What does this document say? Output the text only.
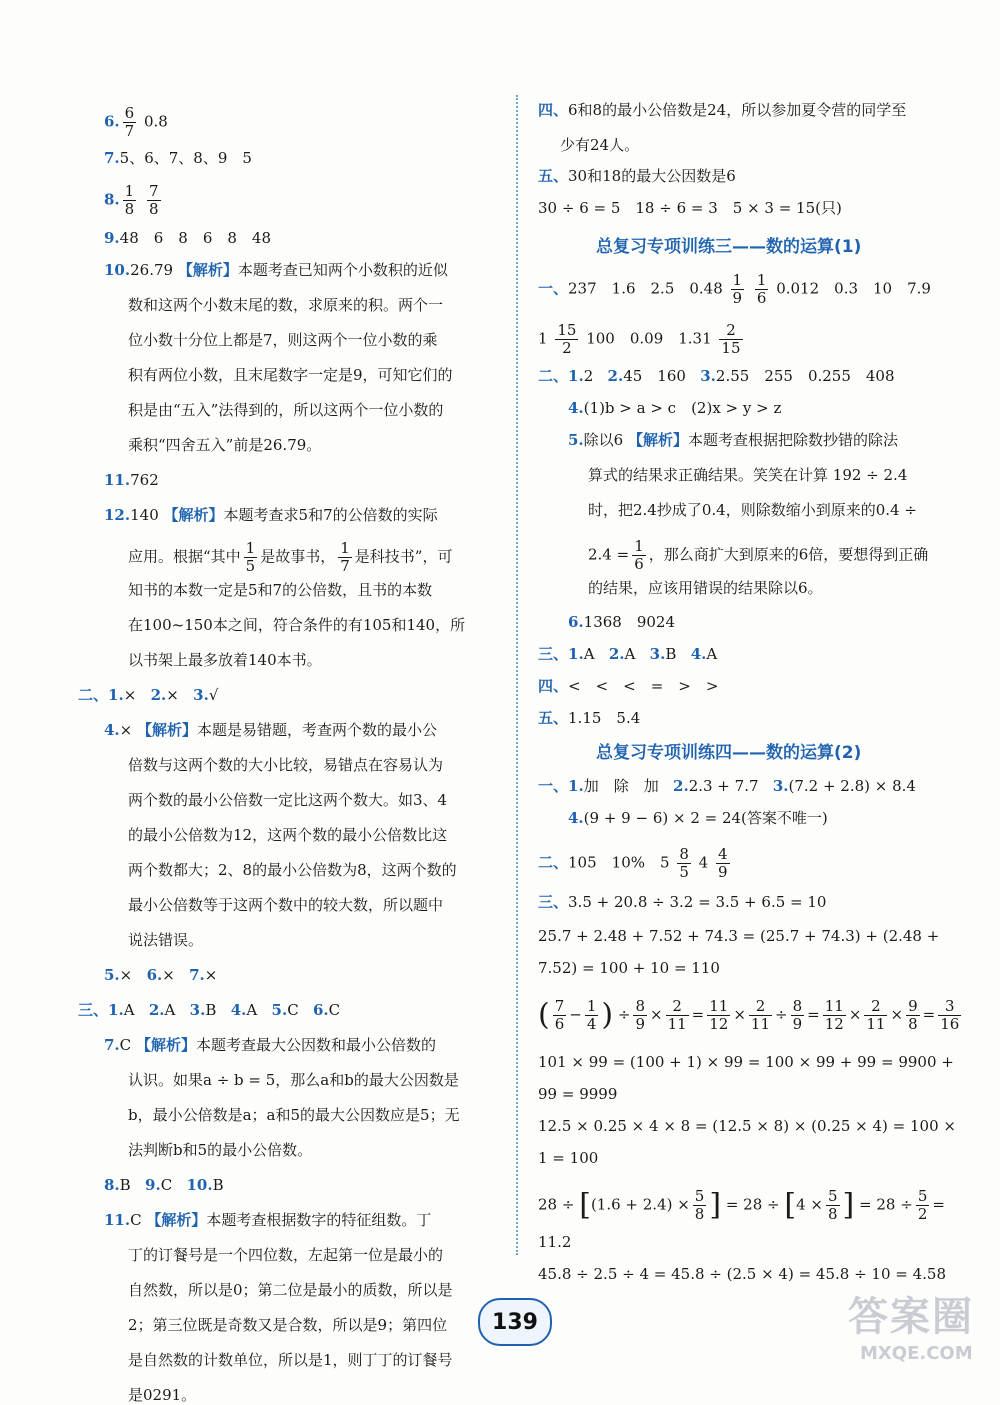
6. $\frac{6}{7} 0.8$
7.5、6、7、8、9　5
8. $\frac{1}{8}$
$\frac{7}{8}$
9.48　6　8　6　8　48
10.26.79 【解析】本题考查已知两个小数积的近似
数和这两个小数末尾的数，求原来的积。两个一
位小数十分位上都是7，则这两个一位小数的乘
积有两位小数，且末尾数字一定是9，可知它们的
积是由“五入”法得到的，所以这两个一位小数的
乘积“四舍五入”前是26.79。
11.762
12.140 【解析】本题考查求5和7的公倍数的实际
应用。根据“其中 $\frac{1}{5}$ 是故事书， $\frac{1}{7}$ 是科技书”，可
知书的本数一定是5和7的公倍数，且书的本数
在100~150本之间，符合条件的有105和140，所
以书架上最多放着140本书。
二、1.× 2.× 3.√
4.× 【解析】本题是易错题，考查两个数的最小公
倍数与这两个数的大小比较，易错点在容易认为
两个数的最小公倍数一定比这两个数大。如3、4
的最小公倍数为12，这两个数的最小公倍数比这
两个数都大；2、8的最小公倍数为8，这两个数的
最小公倍数等于这两个数中的较大数，所以题中
说法错误。
5.× 6.× 7.×
三、1.A 2.A 3.B 4.A 5.C 6.C
7.C 【解析】本题考查最大公因数和最小公倍数的
认识。如果a ÷ b = 5，那么a和b的最大公因数是
b，最小公倍数是a；a和5的最大公因数应是5；无
法判断b和5的最小公倍数。
8.B 9.C 10.B
11.C 【解析】本题考查根据数字的特征组数。丁
丁的订餐号是一个四位数，左起第一位是最小的
自然数，所以是0；第二位是最小的质数，所以是
2；第三位既是奇数又是合数，所以是9；第四位
是自然数的计数单位，所以是1，则丁丁的订餐号
是0291。
四、6和8的最小公倍数是24，所以参加夏令营的同学至
少有24人。
五、30和18的最大公因数是6
30 ÷ 6 = 5　18 ÷ 6 = 3　5 × 3 = 15(只)
总复习专项训练三——数的运算(1)
一、237　1.6　2.5　$0.48 \frac{1}{9}$
$\frac{1}{6} 0.012$　0.3　10　7.9
$1 \frac{15}{2} 100$　0.09　$1.31 \frac{2}{15}$
二、1.2 2.45　160 3.2.55　255　0.255　408
4.(1)b > a > c　(2)x > y > z
5.除以6 【解析】本题考查根据把除数抄错的除法
算式的结果求正确结果。笑笑在计算 192 ÷ 2.4
时，把2.4抄成了0.4，则除数缩小到原来的0.4 ÷
$2.4 = \frac{1}{6}$ ，那么商扩大到原来的6倍，要想得到正确
的结果，应该用错误的结果除以6。
6.1368　9024
三、1.A 2.A 3.B 4.A
四、<　<　<　=　>　>
五、1.15　5.4
总复习专项训练四——数的运算(2)
一、1.加　除　加 2.2.3 + 7.7 3.(7.2 + 2.8) × 8.4
4.(9 + 9 − 6) × 2 = 24(答案不唯一)
二、105　10%　$5 \frac{8}{5} 4 \frac{4}{9}$
三、3.5 + 20.8 ÷ 3.2 = 3.5 + 6.5 = 10
25.7 + 2.48 + 7.52 + 74.3 = (25.7 + 74.3) + (2.48 +
7.52) = 100 + 10 = 110
( $\frac{7}{6} - \frac{1}{4}$ ) ÷ $\frac{8}{9} \times \frac{2}{11} = \frac{11}{12} \times \frac{2}{11} \div \frac{8}{9} = \frac{11}{12} \times \frac{2}{11} \times \frac{9}{8} = \frac{3}{16}$
101 × 99 = (100 + 1) × 99 = 100 × 99 + 99 = 9900 +
99 = 9999
12.5 × 0.25 × 4 × 8 = (12.5 × 8) × (0.25 × 4) = 100 ×
1 = 100
$28 \div [(1.6 + 2.4) \times \frac{5}{8}$ ] = $28 \div [4 \times \frac{5}{8}$ ] = $28 \div \frac{5}{2}$ =
11.2
45.8 ÷ 2.5 ÷ 4 = 45.8 ÷ (2.5 × 4) = 45.8 ÷ 10 = 4.58
139	答案圈
MXQE.COM
